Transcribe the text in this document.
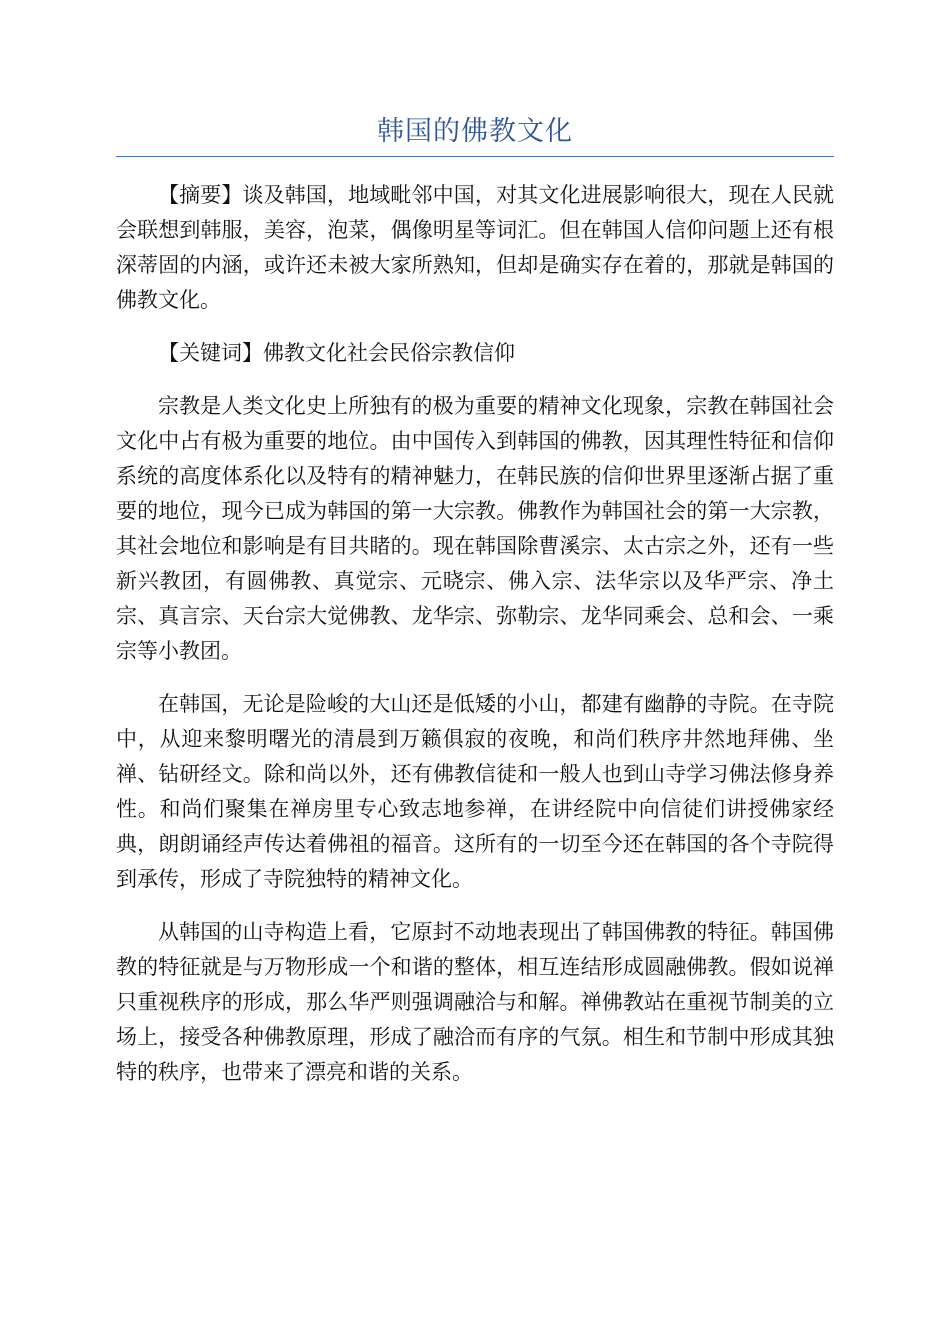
韩国的佛教文化

【摘要】谈及韩国，地域毗邻中国，对其文化进展影响很大，现在人民就会联想到韩服，美容，泡菜，偶像明星等词汇。但在韩国人信仰问题上还有根深蒂固的内涵，或许还未被大家所熟知，但却是确实存在着的，那就是韩国的佛教文化。

【关键词】佛教文化社会民俗宗教信仰

宗教是人类文化史上所独有的极为重要的精神文化现象，宗教在韩国社会文化中占有极为重要的地位。由中国传入到韩国的佛教，因其理性特征和信仰系统的高度体系化以及特有的精神魅力，在韩民族的信仰世界里逐渐占据了重要的地位，现今已成为韩国的第一大宗教。佛教作为韩国社会的第一大宗教，其社会地位和影响是有目共睹的。现在韩国除曹溪宗、太古宗之外，还有一些新兴教团，有圆佛教、真觉宗、元晓宗、佛入宗、法华宗以及华严宗、净土宗、真言宗、天台宗大觉佛教、龙华宗、弥勒宗、龙华同乘会、总和会、一乘宗等小教团。

在韩国，无论是险峻的大山还是低矮的小山，都建有幽静的寺院。在寺院中，从迎来黎明曙光的清晨到万籁俱寂的夜晚，和尚们秩序井然地拜佛、坐禅、钻研经文。除和尚以外，还有佛教信徒和一般人也到山寺学习佛法修身养性。和尚们聚集在禅房里专心致志地参禅，在讲经院中向信徒们讲授佛家经典，朗朗诵经声传达着佛祖的福音。这所有的一切至今还在韩国的各个寺院得到承传，形成了寺院独特的精神文化。

从韩国的山寺构造上看，它原封不动地表现出了韩国佛教的特征。韩国佛教的特征就是与万物形成一个和谐的整体，相互连结形成圆融佛教。假如说禅只重视秩序的形成，那么华严则强调融洽与和解。禅佛教站在重视节制美的立场上，接受各种佛教原理，形成了融洽而有序的气氛。相生和节制中形成其独特的秩序，也带来了漂亮和谐的关系。
